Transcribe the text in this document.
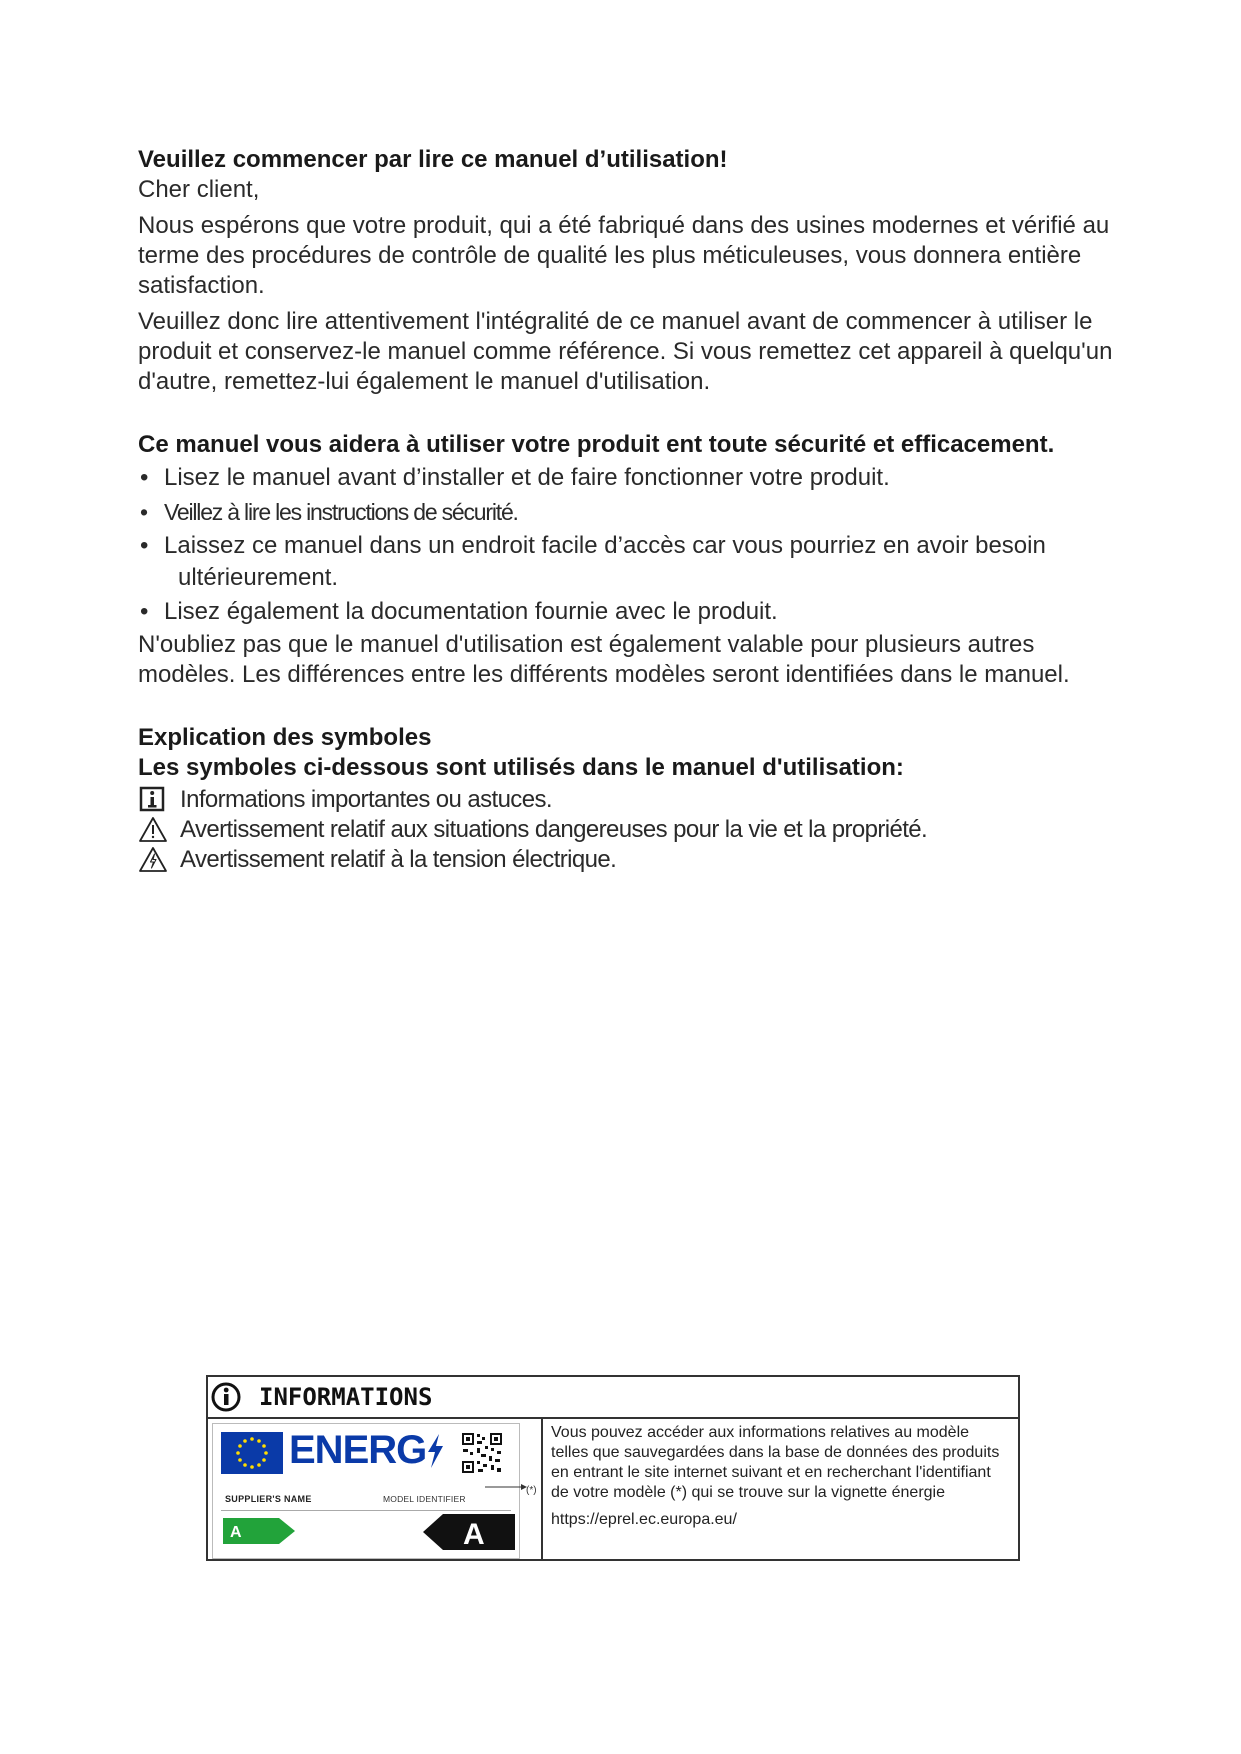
Veuillez commencer par lire ce manuel d’utilisation!
Cher client,
Nous espérons que votre produit, qui a été fabriqué dans des usines modernes et vérifié au terme des procédures de contrôle de qualité les plus méticuleuses, vous donnera entière satisfaction.
Veuillez donc lire attentivement l'intégralité de ce manuel avant de commencer à utiliser le produit et conservez-le manuel comme référence. Si vous remettez cet appareil à quelqu'un d'autre, remettez-lui également le manuel d'utilisation.
Ce manuel vous aidera à utiliser votre produit ent toute sécurité et efficacement.
• Lisez le manuel avant d’installer et de faire fonctionner votre produit.
• Veillez à lire les instructions de sécurité.
• Laissez ce manuel dans un endroit facile d’accès car vous pourriez en avoir besoin
ultérieurement.
• Lisez également la documentation fournie avec le produit.
N'oubliez pas que le manuel d'utilisation est également valable pour plusieurs autres modèles. Les différences entre les différents modèles seront identifiées dans le manuel.
Explication des symboles
Les symboles ci-dessous sont utilisés dans le manuel d'utilisation:
Informations importantes ou astuces.
Avertissement relatif aux situations dangereuses pour la vie et la propriété.
Avertissement relatif à la tension électrique.
INFORMATIONS
ENERG
SUPPLIER'S NAME	MODEL IDENTIFIER
A	A
(*)
Vous pouvez accéder aux informations relatives au modèle telles que sauvegardées dans la base de données des produits en entrant le site internet suivant et en recherchant l'identifiant de votre modèle (*) qui se trouve sur la vignette énergie
https://eprel.ec.europa.eu/
